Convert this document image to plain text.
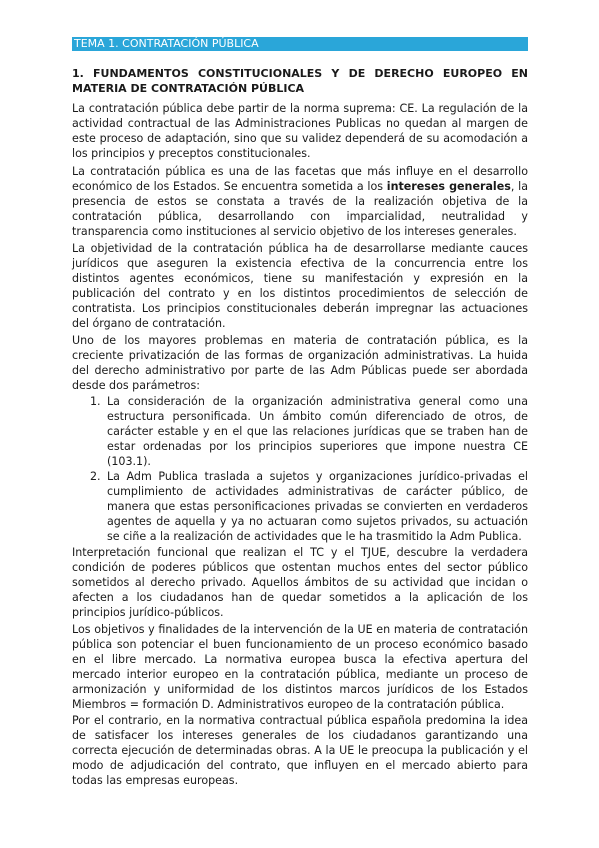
TEMA 1. CONTRATACIÓN PÚBLICA
1. FUNDAMENTOS CONSTITUCIONALES Y DE DERECHO EUROPEO EN MATERIA DE CONTRATACIÓN PÚBLICA

La contratación pública debe partir de la norma suprema: CE. La regulación de la actividad contractual de las Administraciones Publicas no quedan al margen de este proceso de adaptación, sino que su validez dependerá de su acomodación a los principios y preceptos constitucionales.

La contratación pública es una de las facetas que más influye en el desarrollo económico de los Estados. Se encuentra sometida a los intereses generales, la presencia de estos se constata a través de la realización objetiva de la contratación pública, desarrollando con imparcialidad, neutralidad y transparencia como instituciones al servicio objetivo de los intereses generales.

La objetividad de la contratación pública ha de desarrollarse mediante cauces jurídicos que aseguren la existencia efectiva de la concurrencia entre los distintos agentes económicos, tiene su manifestación y expresión en la publicación del contrato y en los distintos procedimientos de selección de contratista. Los principios constitucionales deberán impregnar las actuaciones del órgano de contratación.

Uno de los mayores problemas en materia de contratación pública, es la creciente privatización de las formas de organización administrativas. La huida del derecho administrativo por parte de las Adm Públicas puede ser abordada desde dos parámetros:

1. La consideración de la organización administrativa general como una estructura personificada. Un ámbito común diferenciado de otros, de carácter estable y en el que las relaciones jurídicas que se traben han de estar ordenadas por los principios superiores que impone nuestra CE (103.1).
2. La Adm Publica traslada a sujetos y organizaciones jurídico-privadas el cumplimiento de actividades administrativas de carácter público, de manera que estas personificaciones privadas se convierten en verdaderos agentes de aquella y ya no actuaran como sujetos privados, su actuación se ciñe a la realización de actividades que le ha trasmitido la Adm Publica.

Interpretación funcional que realizan el TC y el TJUE, descubre la verdadera condición de poderes públicos que ostentan muchos entes del sector público sometidos al derecho privado. Aquellos ámbitos de su actividad que incidan o afecten a los ciudadanos han de quedar sometidos a la aplicación de los principios jurídico-públicos.

Los objetivos y finalidades de la intervención de la UE en materia de contratación pública son potenciar el buen funcionamiento de un proceso económico basado en el libre mercado. La normativa europea busca la efectiva apertura del mercado interior europeo en la contratación pública, mediante un proceso de armonización y uniformidad de los distintos marcos jurídicos de los Estados Miembros = formación D. Administrativos europeo de la contratación pública.

Por el contrario, en la normativa contractual pública española predomina la idea de satisfacer los intereses generales de los ciudadanos garantizando una correcta ejecución de determinadas obras. A la UE le preocupa la publicación y el modo de adjudicación del contrato, que influyen en el mercado abierto para todas las empresas europeas.
